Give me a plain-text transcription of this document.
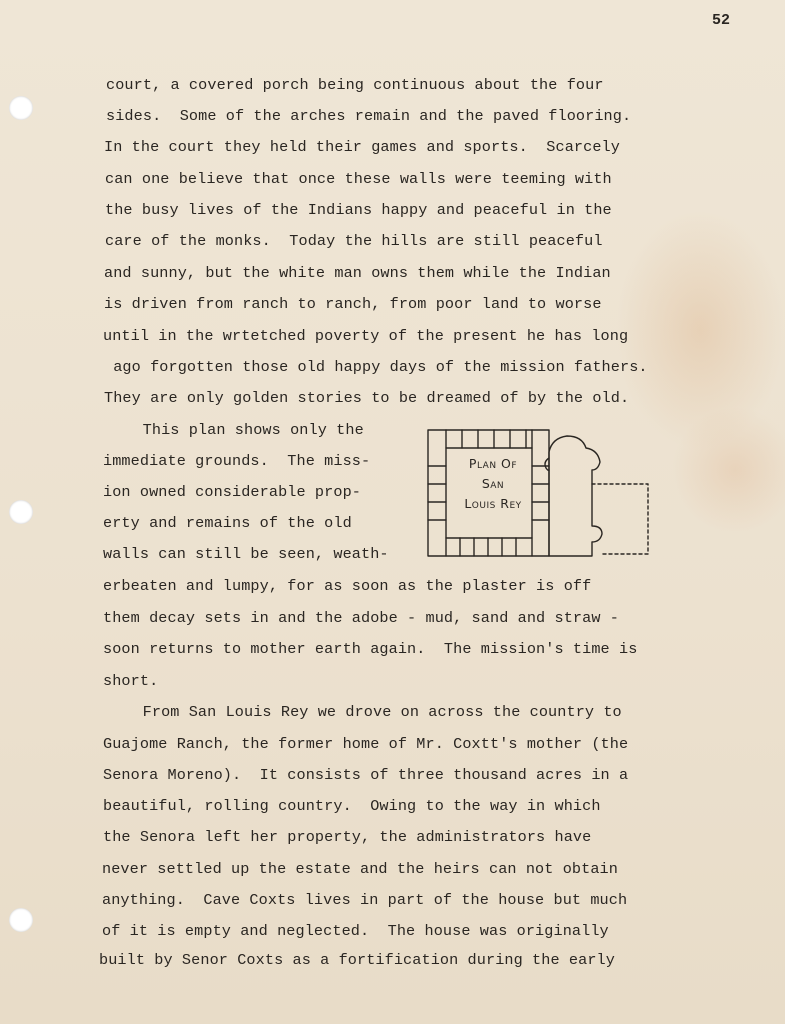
52
court, a covered porch being continuous about the four
sides.  Some of the arches remain and the paved flooring.
In the court they held their games and sports.  Scarcely
can one believe that once these walls were teeming with
the busy lives of the Indians happy and peaceful in the
care of the monks.  Today the hills are still peaceful
and sunny, but the white man owns them while the Indian
is driven from ranch to ranch, from poor land to worse
until in the wrtetched poverty of the present he has long
ago forgotten those old happy days of the mission fathers.
They are only golden stories to be dreamed of by the old.
This plan shows only the
immediate grounds.  The miss-
ion owned considerable prop-
erty and remains of the old
walls can still be seen, weath-
erbeaten and lumpy, for as soon as the plaster is off
them decay sets in and the adobe - mud, sand and straw -
soon returns to mother earth again.  The mission's time is
short.
From San Louis Rey we drove on across the country to
Guajome Ranch, the former home of Mr. Coxtt's mother (the
Senora Moreno).  It consists of three thousand acres in a
beautiful, rolling country.  Owing to the way in which
the Senora left her property, the administrators have
never settled up the estate and the heirs can not obtain
anything.  Cave Coxts lives in part of the house but much
of it is empty and neglected.  The house was originally
built by Senor Coxts as a fortification during the early
Plan Of
San
Louis Rey
